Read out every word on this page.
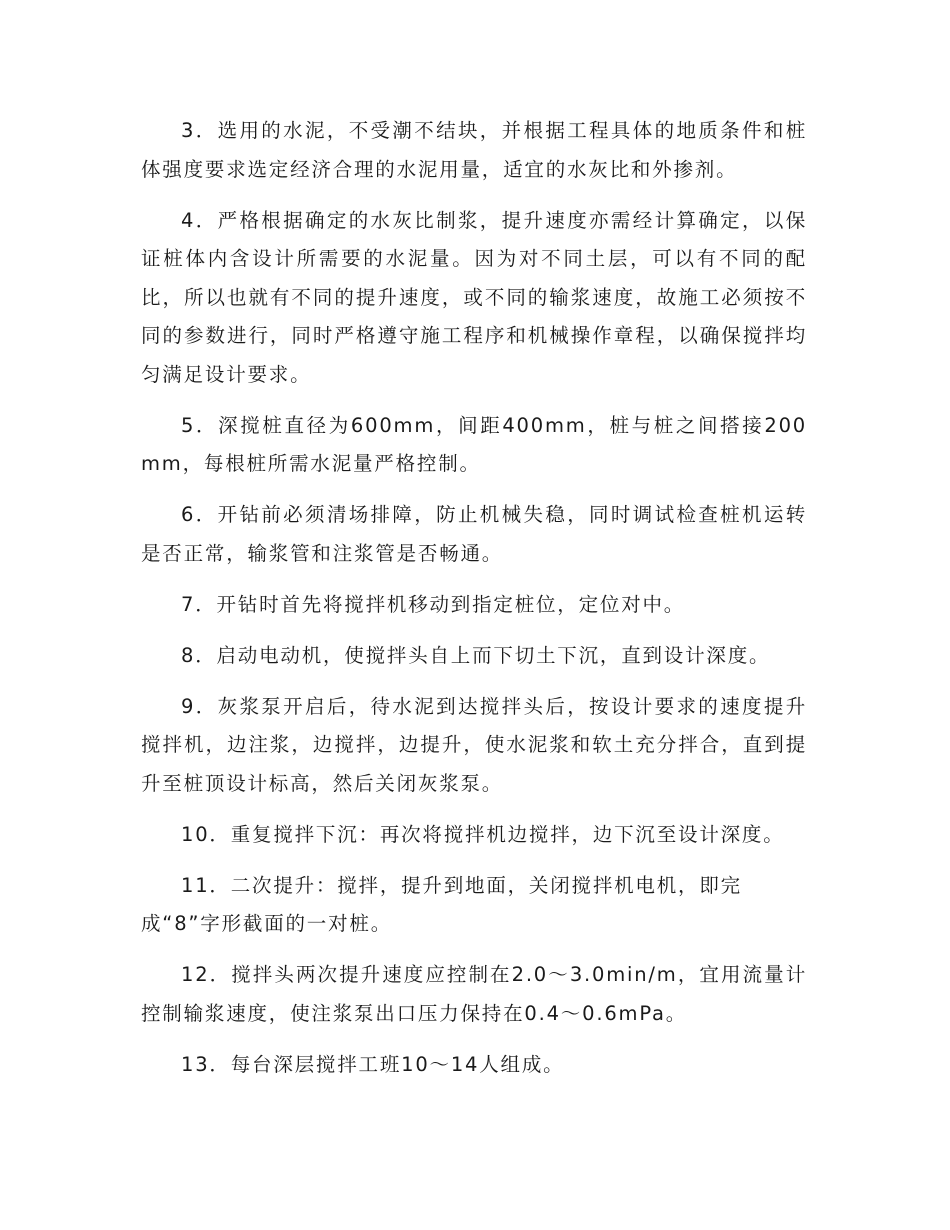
3．选用的水泥，不受潮不结块，并根据工程具体的地质条件和桩体强度要求选定经济合理的水泥用量，适宜的水灰比和外掺剂。

4．严格根据确定的水灰比制浆，提升速度亦需经计算确定，以保证桩体内含设计所需要的水泥量。因为对不同土层，可以有不同的配比，所以也就有不同的提升速度，或不同的输浆速度，故施工必须按不同的参数进行，同时严格遵守施工程序和机械操作章程，以确保搅拌均匀满足设计要求。

5．深搅桩直径为600mm，间距400mm，桩与桩之间搭接200mm，每根桩所需水泥量严格控制。

6．开钻前必须清场排障，防止机械失稳，同时调试检查桩机运转是否正常，输浆管和注浆管是否畅通。

7．开钻时首先将搅拌机移动到指定桩位，定位对中。

8．启动电动机，使搅拌头自上而下切土下沉，直到设计深度。

9．灰浆泵开启后，待水泥到达搅拌头后，按设计要求的速度提升搅拌机，边注浆，边搅拌，边提升，使水泥浆和软土充分拌合，直到提升至桩顶设计标高，然后关闭灰浆泵。

10．重复搅拌下沉：再次将搅拌机边搅拌，边下沉至设计深度。

11．二次提升：搅拌，提升到地面，关闭搅拌机电机，即完成“8”字形截面的一对桩。

12．搅拌头两次提升速度应控制在2.0～3.0min/m，宜用流量计控制输浆速度，使注浆泵出口压力保持在0.4～0.6mPa。

13．每台深层搅拌工班10～14人组成。
